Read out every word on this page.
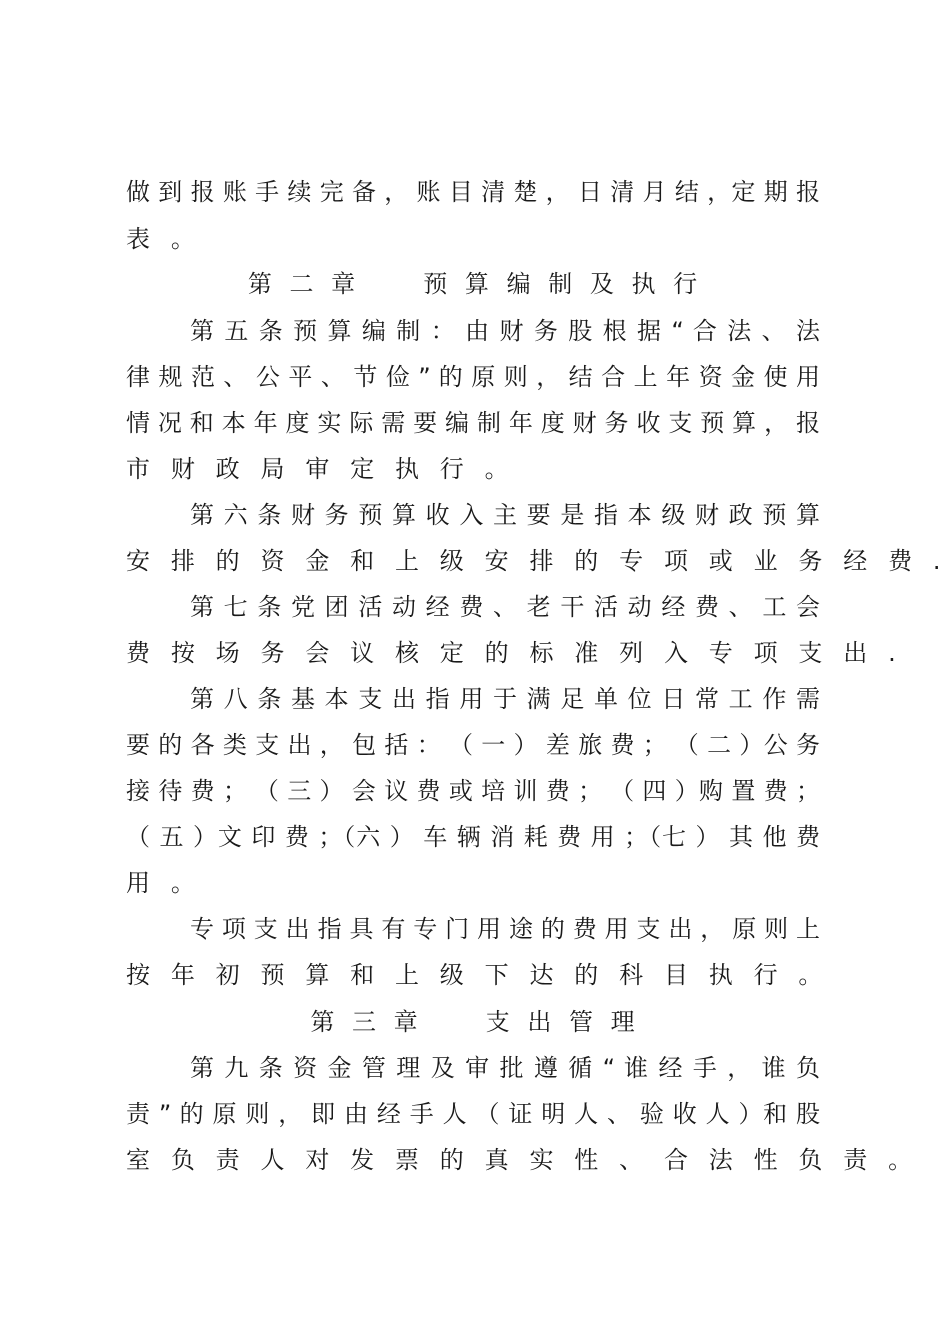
做 到 报 账 手 续 完 备 ， 账 目 清 楚 ， 日 清 月 结 ，定 期 报
表 。
第 二 章     预 算 编 制 及 执 行
第 五 条 预 算 编 制 ： 由 财 务 股 根 据 “ 合 法 、 法
律 规 范 、 公 平 、 节 俭 ” 的 原 则 ， 结 合 上 年 资 金 使 用
情 况 和 本 年 度 实 际 需 要 编 制 年 度 财 务 收 支 预 算 ， 报
市 财 政 局 审 定 执 行 。
第 六 条 财 务 预 算 收 入 主 要 是 指 本 级 财 政 预 算
安 排 的 资 金 和 上 级 安 排 的 专 项 或 业 务 经 费 .
第 七 条 党 团 活 动 经 费 、 老 干 活 动 经 费 、 工 会
费 按 场 务 会 议 核 定 的 标 准 列 入 专 项 支 出 .
第 八 条 基 本 支 出 指 用 于 满 足 单 位 日 常 工 作 需
要 的 各 类 支 出 ， 包 括 ： （ 一 ） 差 旅 费 ； （ 二 ）公 务
接 待 费 ； （ 三 ） 会 议 费 或 培 训 费 ； （ 四 ）购 置 费 ；
（ 五 ）文 印 费 ；（六 ） 车 辆 消 耗 费 用 ；（七 ） 其 他 费
用 。
专 项 支 出 指 具 有 专 门 用 途 的 费 用 支 出 ， 原 则 上
按 年 初 预 算 和 上 级 下 达 的 科 目 执 行 。
第 三 章     支 出 管 理
第 九 条 资 金 管 理 及 审 批 遵 循 “ 谁 经 手 ， 谁 负
责 ” 的 原 则 ， 即 由 经 手 人 （ 证 明 人 、 验 收 人 ）和 股
室 负 责 人 对 发 票 的 真 实 性 、 合 法 性 负 责 。
